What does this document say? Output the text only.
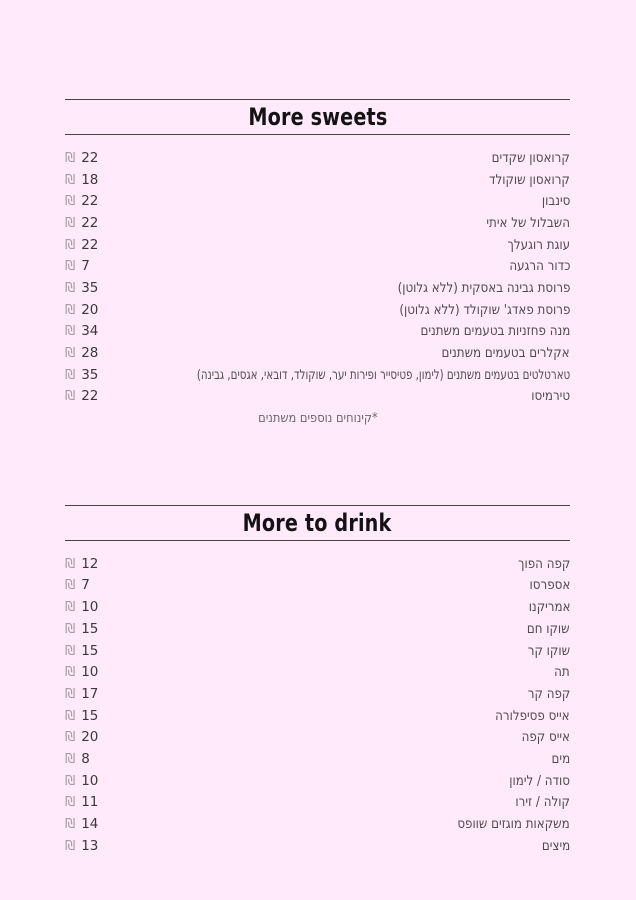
More sweets
קרואסון שקדים
₪ 22
קרואסון שוקולד
₪ 18
סינבון
₪ 22
השבלול של איתי
₪ 22
עוגת רוגעלך
₪ 22
כדור הרגעה
₪ 7
פרוסת גבינה באסקית (ללא גלוטן)
₪ 35
פרוסת פאדג' שוקולד (ללא גלוטן)
₪ 20
מנה פחזניות בטעמים משתנים
₪ 34
אקלרים בטעמים משתנים
₪ 28
טארטלטים בטעמים משתנים (לימון, פטיסייר ופירות יער, שוקולד, דובאי, אגסים, גבינה)
₪ 35
טירמיסו
₪ 22
*קינוחים נוספים משתנים
More to drink
קפה הפוך
₪ 12
אספרסו
₪ 7
אמריקנו
₪ 10
שוקו חם
₪ 15
שוקו קר
₪ 15
תה
₪ 10
קפה קר
₪ 17
אייס פסיפלורה
₪ 15
אייס קפה
₪ 20
מים
₪ 8
סודה / לימון
₪ 10
קולה / זירו
₪ 11
משקאות מוגזים שוופס
₪ 14
מיצים
₪ 13
